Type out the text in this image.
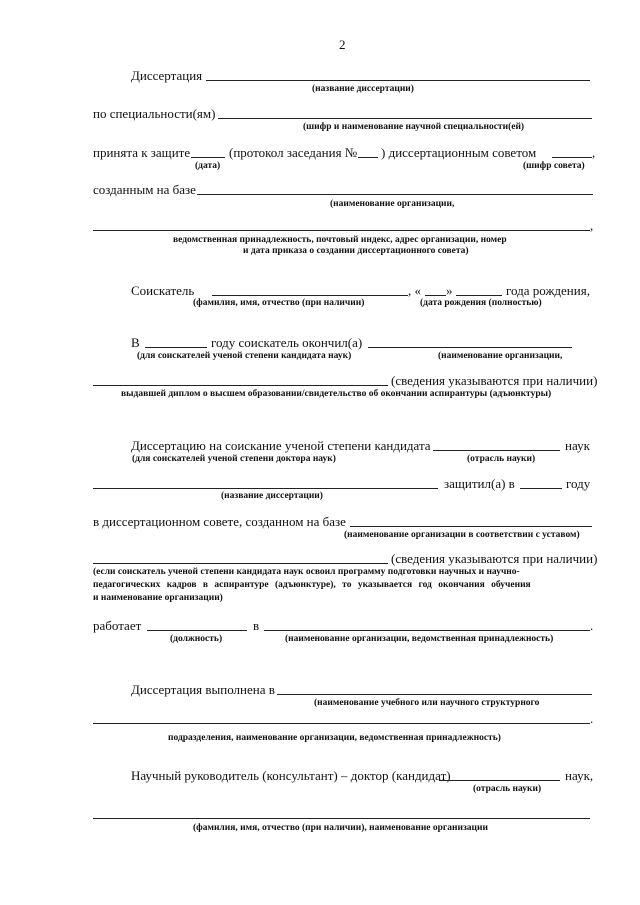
2
Диссертация
(название диссертации)
по специальности(ям)
(шифр и наименование научной специальности(ей)
принята к защите	(протокол заседания № ) диссертационным советом	,
(дата)	(шифр совета)
созданным на базе
(наименование организации,
,
ведомственная принадлежность, почтовый индекс, адрес организации, номер
и дата приказа о создании диссертационного совета)
Соискатель	, « »	года рождения,
(фамилия, имя, отчество (при наличии)	(дата рождения (полностью)
В	году соискатель окончил(а)
(для соискателей ученой степени кандидата наук)	(наименование организации,
(сведения указываются при наличии)
выдавшей диплом о высшем образовании/свидетельство об окончании аспирантуры (адъюнктуры)
Диссертацию на соискание ученой степени кандидата	наук
(для соискателей ученой степени доктора наук)	(отрасль науки)
защитил(а) в	году
(название диссертации)
в диссертационном совете, созданном на базе
(наименование организации в соответствии с уставом)
(сведения указываются при наличии)
(если соискатель ученой степени кандидата наук освоил программу подготовки научных и научно-
педагогических кадров в аспирантуре (адъюнктуре), то указывается год окончания обучения
и наименование организации)
работает	в	.
(должность)	(наименование организации, ведомственная принадлежность)
Диссертация выполнена в
(наименование учебного или научного структурного
.
подразделения, наименование организации, ведомственная принадлежность)
Научный руководитель (консультант) – доктор (кандидат)	наук,
(отрасль науки)
(фамилия, имя, отчество (при наличии), наименование организации
